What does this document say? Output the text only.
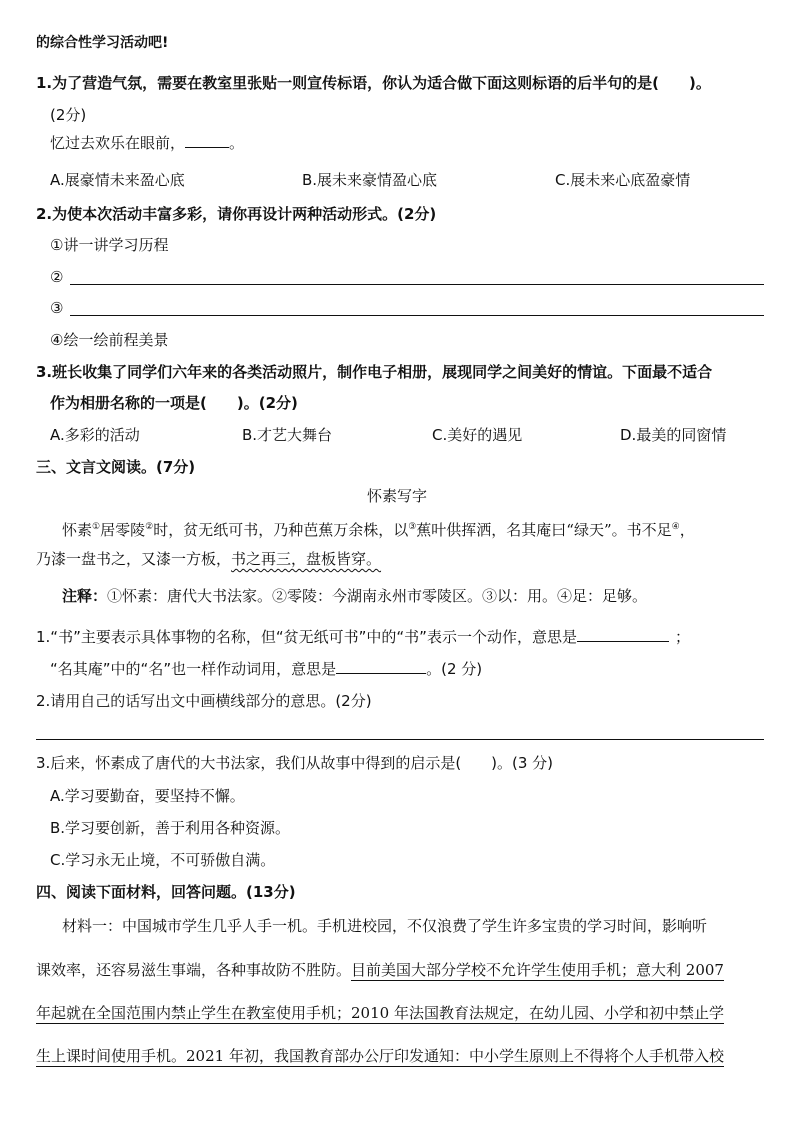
的综合性学习活动吧!
1.为了营造气氛，需要在教室里张贴一则宣传标语，你认为适合做下面这则标语的后半句的是(　　)。
(2分)
忆过去欢乐在眼前，	。
A.展豪情未来盈心底	B.展未来豪情盈心底	C.展未来心底盈豪情
2.为使本次活动丰富多彩，请你再设计两种活动形式。(2分)
①讲一讲学习历程
②
③
④绘一绘前程美景
3.班长收集了同学们六年来的各类活动照片，制作电子相册，展现同学之间美好的情谊。下面最不适合
作为相册名称的一项是(　　)。(2分)
A.多彩的活动	B.才艺大舞台	C.美好的遇见	D.最美的同窗情
三、文言文阅读。(7分)
怀素写字
怀素①居零陵②时，贫无纸可书，乃种芭蕉万余株，以③蕉叶供挥洒，名其庵曰“绿天”。书不足④，
乃漆一盘书之，又漆一方板，书之再三，盘板皆穿。
注释：①怀素：唐代大书法家。②零陵：今湖南永州市零陵区。③以：用。④足：足够。
1.“书”主要表示具体事物的名称，但“贫无纸可书”中的“书”表示一个动作，意思是	；
“名其庵”中的“名”也一样作动词用，意思是	。(2 分)
2.请用自己的话写出文中画横线部分的意思。(2分)
3.后来，怀素成了唐代的大书法家，我们从故事中得到的启示是(　　)。(3 分)
A.学习要勤奋，要坚持不懈。
B.学习要创新，善于利用各种资源。
C.学习永无止境，不可骄傲自满。
四、阅读下面材料，回答问题。(13分)
材料一：中国城市学生几乎人手一机。手机进校园，不仅浪费了学生许多宝贵的学习时间，影响听
课效率，还容易滋生事端，各种事故防不胜防。目前美国大部分学校不允许学生使用手机；意大利 2007
年起就在全国范围内禁止学生在教室使用手机；2010 年法国教育法规定，在幼儿园、小学和初中禁止学
生上课时间使用手机。2021 年初，我国教育部办公厅印发通知：中小学生原则上不得将个人手机带入校
